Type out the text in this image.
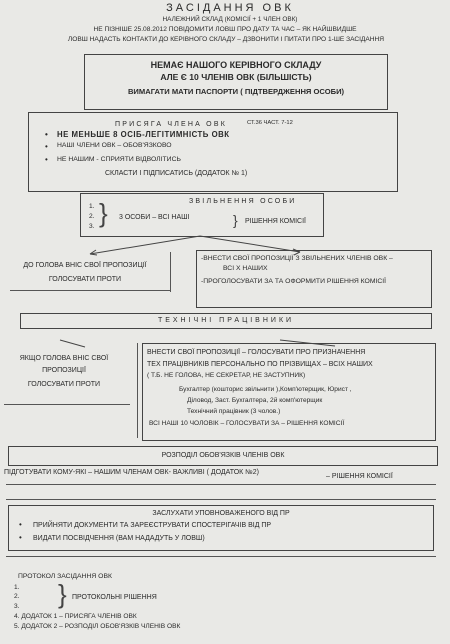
ЗАСІДАННЯ ОВК
НАЛЕЖНИЙ СКЛАД (КОМІСІЇ + 1 ЧЛЕН ОВК)
НЕ ПІЗНІШЕ 25.08.2012 ПОВІДОМИТИ ЛОВШ ПРО ДАТУ ТА ЧАС – ЯК НАЙШВИДШЕ
ЛОВШ НАДАСТЬ КОНТАКТИ ДО КЕРІВНОГО СКЛАДУ – ДЗВОНИТИ І ПИТАТИ ПРО 1-ШЕ ЗАСІДАННЯ
НЕМАЄ НАШОГО КЕРІВНОГО СКЛАДУ
АЛЕ Є 10 ЧЛЕНІВ ОВК (БІЛЬШІСТЬ)
ВИМАГАТИ МАТИ ПАСПОРТИ ( ПІДТВЕРДЖЕННЯ ОСОБИ)
ПРИСЯГА ЧЛЕНА ОВК	СТ.36 ЧАСТ. 7-12
• НЕ МЕНЬШЕ 8 ОСІБ-ЛЕГІТИМНІСТЬ ОВК
• НАШІ ЧЛЕНИ ОВК – ОБОВ'ЯЗКОВО
• НЕ НАШИМ - СПРИЯТИ ВІДВОЛІТИСЬ
СКЛАСТИ І ПІДПИСАТИСЬ (ДОДАТОК № 1)
ЗВІЛЬНЕННЯ ОСОБИ
1.
2.
3. } 3 ОСОБИ – ВСІ НАШІ	} РІШЕННЯ КОМІСІЇ
ДО ГОЛОВА ВНІС СВОЇ ПРОПОЗИЦІЇ
ГОЛОСУВАТИ ПРОТИ
-ВНЕСТИ СВОЇ ПРОПОЗИЦІЇ З ЗВІЛЬНЕНИХ ЧЛЕНІВ ОВК –
ВСІ Х НАШИХ
-ПРОГОЛОСУВАТИ ЗА ТА ОФОРМИТИ РІШЕННЯ КОМІСІЇ
ТЕХНІЧНІ ПРАЦІВНИКИ
ЯКЩО ГОЛОВА ВНІС СВОЇ
ПРОПОЗИЦІЇ
ГОЛОСУВАТИ ПРОТИ
ВНЕСТИ СВОЇ ПРОПОЗИЦІЇ – ГОЛОСУВАТИ ПРО ПРИЗНАЧЕННЯ
ТЕХ ПРАЦІВНИКІВ ПЕРСОНАЛЬНО ПО ПРІЗВИЩАХ – ВСІХ НАШИХ
( Т.Б. НЕ ГОЛОВА, НЕ СЕКРЕТАР, НЕ ЗАСТУПНИК)
Бухгалтер (кошторис звільнити ),Комп'ютерщик, Юрист ,
Діловод, Заст. Бухгалтера, 2й комп'ютерщик
Технічний працівник (3 чолов.)
ВСІ НАШІ 10 ЧОЛОВІК – ГОЛОСУВАТИ ЗА – РІШЕННЯ КОМІСІЇ
РОЗПОДІЛ ОБОВ'ЯЗКІВ ЧЛЕНІВ ОВК
ПІДГОТУВАТИ КОМУ-ЯКІ – НАШИМ ЧЛЕНАМ ОВК- ВАЖЛИВІ ( ДОДАТОК №2)
– РІШЕННЯ КОМІСІЇ
ЗАСЛУХАТИ УПОВНОВАЖЕНОГО ВІД ПР
• ПРИЙНЯТИ ДОКУМЕНТИ ТА ЗАРЕЄСТРУВАТИ СПОСТЕРІГАЧІВ ВІД ПР
• ВИДАТИ ПОСВІДЧЕННЯ (ВАМ НАДАДУТЬ У ЛОВШ)
ПРОТОКОЛ ЗАСІДАННЯ ОВК
1.
2.
3. } ПРОТОКОЛЬНІ РІШЕННЯ
4. ДОДАТОК 1 – ПРИСЯГА ЧЛЕНІВ ОВК
5. ДОДАТОК 2 – РОЗПОДІЛ ОБОВ'ЯЗКІВ ЧЛЕНІВ ОВК
